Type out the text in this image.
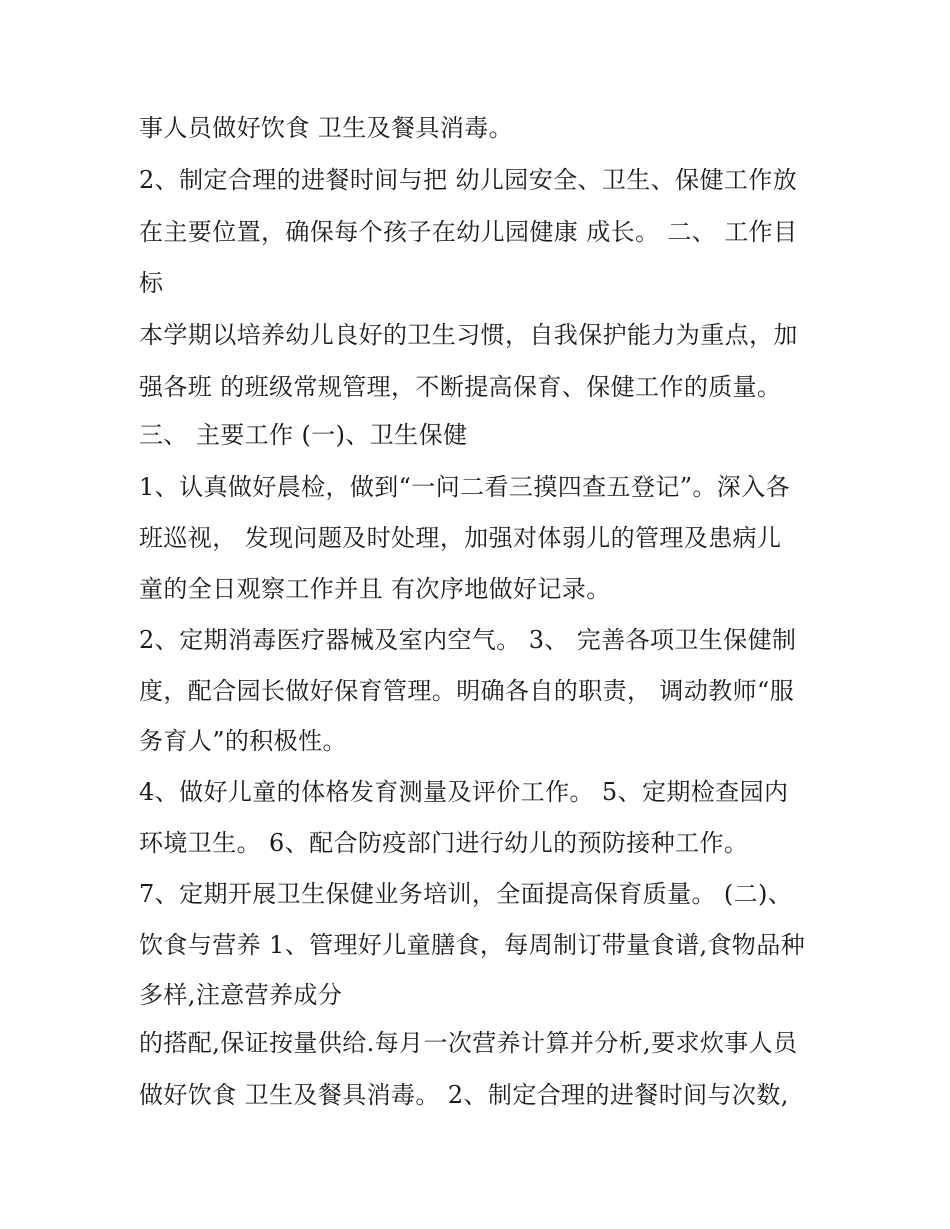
事人员做好饮食 卫生及餐具消毒。
2、制定合理的进餐时间与把 幼儿园安全、卫生、保健工作放
在主要位置，确保每个孩子在幼儿园健康 成长。 二、 工作目
标
本学期以培养幼儿良好的卫生习惯，自我保护能力为重点，加
强各班 的班级常规管理，不断提高保育、保健工作的质量。
三、 主要工作 (一)、卫生保健
1、认真做好晨检，做到“一问二看三摸四查五登记”。深入各
班巡视， 发现问题及时处理，加强对体弱儿的管理及患病儿
童的全日观察工作并且 有次序地做好记录。
2、定期消毒医疗器械及室内空气。 3、 完善各项卫生保健制
度，配合园长做好保育管理。明确各自的职责， 调动教师“服
务育人”的积极性。
4、做好儿童的体格发育测量及评价工作。 5、定期检查园内
环境卫生。 6、配合防疫部门进行幼儿的预防接种工作。
7、定期开展卫生保健业务培训，全面提高保育质量。 (二)、
饮食与营养 1、管理好儿童膳食，每周制订带量食谱,食物品种
多样,注意营养成分
的搭配,保证按量供给.每月一次营养计算并分析,要求炊事人员
做好饮食 卫生及餐具消毒。 2、制定合理的进餐时间与次数,
